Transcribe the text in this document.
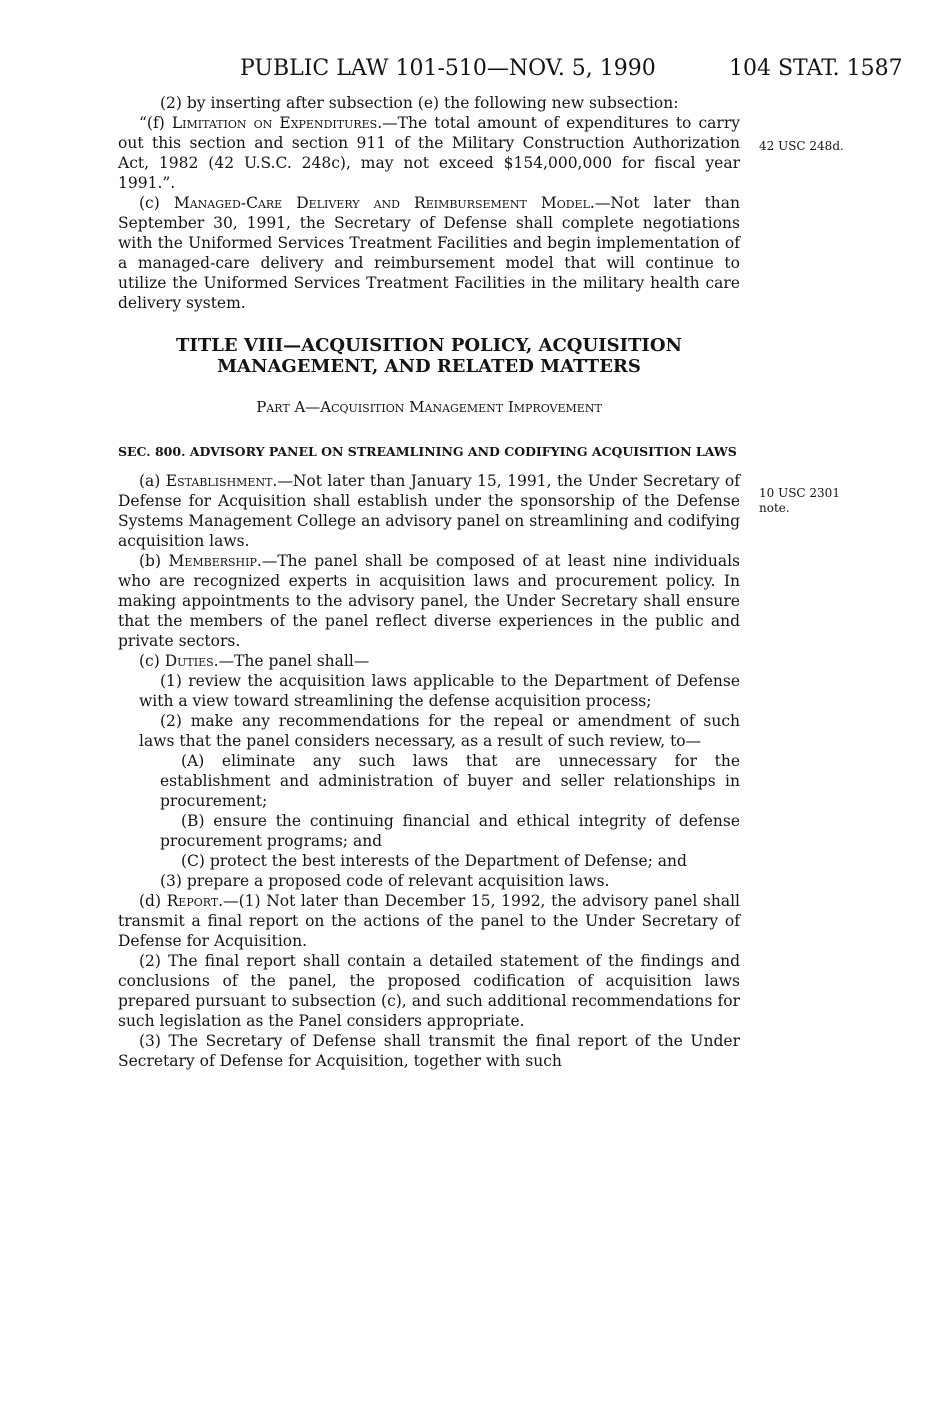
PUBLIC LAW 101-510—NOV. 5, 1990	104 STAT. 1587
42 USC 248d.
10 USC 2301
note.

(2) by inserting after subsection (e) the following new subsection:

“(f) Limitation on Expenditures.—The total amount of expenditures to carry out this section and section 911 of the Military Construction Authorization Act, 1982 (42 U.S.C. 248c), may not exceed $154,000,000 for fiscal year 1991.”.

(c) Managed-Care Delivery and Reimbursement Model.—Not later than September 30, 1991, the Secretary of Defense shall complete negotiations with the Uniformed Services Treatment Facilities and begin implementation of a managed-care delivery and reimbursement model that will continue to utilize the Uniformed Services Treatment Facilities in the military health care delivery system.

TITLE VIII—ACQUISITION POLICY, ACQUISITION
MANAGEMENT, AND RELATED MATTERS
Part A—Acquisition Management Improvement
SEC. 800. ADVISORY PANEL ON STREAMLINING AND CODIFYING ACQUISITION LAWS

(a) Establishment.—Not later than January 15, 1991, the Under Secretary of Defense for Acquisition shall establish under the sponsorship of the Defense Systems Management College an advisory panel on streamlining and codifying acquisition laws.

(b) Membership.—The panel shall be composed of at least nine individuals who are recognized experts in acquisition laws and procurement policy. In making appointments to the advisory panel, the Under Secretary shall ensure that the members of the panel reflect diverse experiences in the public and private sectors.

(c) Duties.—The panel shall—

(1) review the acquisition laws applicable to the Department of Defense with a view toward streamlining the defense acquisition process;

(2) make any recommendations for the repeal or amendment of such laws that the panel considers necessary, as a result of such review, to—

(A) eliminate any such laws that are unnecessary for the establishment and administration of buyer and seller relationships in procurement;

(B) ensure the continuing financial and ethical integrity of defense procurement programs; and

(C) protect the best interests of the Department of Defense; and

(3) prepare a proposed code of relevant acquisition laws.

(d) Report.—(1) Not later than December 15, 1992, the advisory panel shall transmit a final report on the actions of the panel to the Under Secretary of Defense for Acquisition.

(2) The final report shall contain a detailed statement of the findings and conclusions of the panel, the proposed codification of acquisition laws prepared pursuant to subsection (c), and such additional recommendations for such legislation as the Panel considers appropriate.

(3) The Secretary of Defense shall transmit the final report of the Under Secretary of Defense for Acquisition, together with such
